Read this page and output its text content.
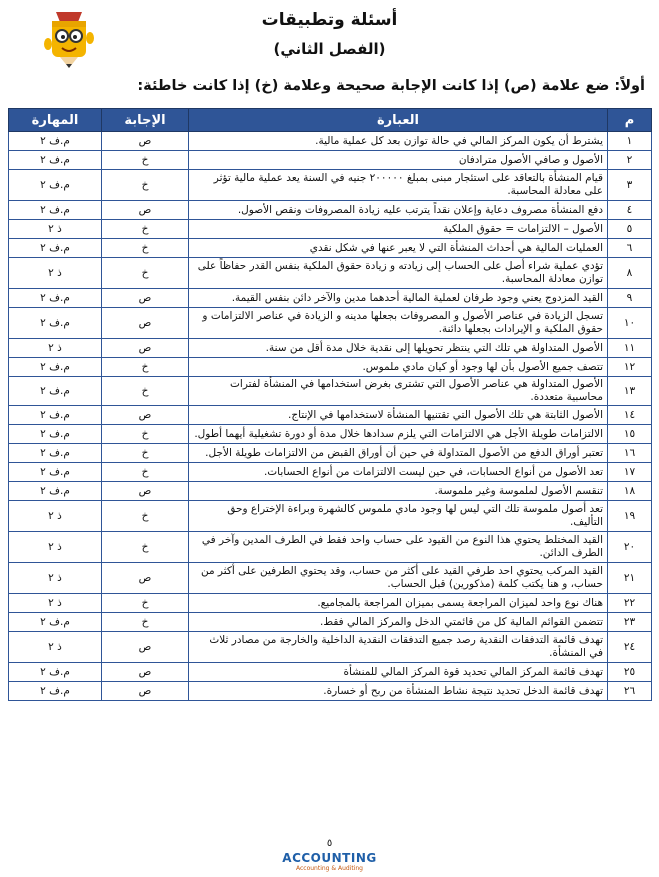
أسئلة وتطبيقات

(الفصل الثاني)
أولاً: ضع علامة (ص) إذا كانت الإجابة صحيحة وعلامة (خ) إذا كانت خاطئة:
م	العبارة	الإجابة	المهارة
١	يشترط أن يكون المركز المالي في حالة توازن بعد كل عملية مالية.	ص	م.ف ٢
٢	الأصول و صافي الأصول مترادفان	خ	م.ف ٢
٣	قيام المنشأة بالتعاقد على استئجار مبنى بمبلغ ٢٠٠٠٠٠ جنيه في السنة يعد عملية مالية تؤثر على معادلة المحاسبة.	خ	م.ف ٢
٤	دفع المنشأة مصروف دعاية وإعلان نقداً يترتب عليه زيادة المصروفات ونقص الأصول.	ص	م.ف ٢
٥	الأصول – الالتزامات = حقوق الملكية	خ	ذ ٢
٦	العمليات المالية هي أحداث المنشأة التي لا يعبر عنها في شكل نقدي	خ	م.ف ٢
٨	تؤدي عملية شراء أصل على الحساب إلى زيادته و زيادة حقوق الملكية بنفس القدر حفاظاً على توازن معادلة المحاسبة.	خ	ذ ٢
٩	القيد المزدوج يعني وجود طرفان لعملية المالية أحدهما مدين والآخر دائن بنفس القيمة.	ص	م.ف ٢
١٠	تسجل الزيادة في عناصر الأصول و المصروفات بجعلها مدينه و الزيادة في عناصر الالتزامات و حقوق الملكية و الإيرادات بجعلها دائنة.	ص	م.ف ٢
١١	الأصول المتداولة هي تلك التي ينتظر تحويلها إلى نقدية خلال مدة أقل من سنة.	ص	ذ ٢
١٢	تتصف جميع الأصول بأن لها وجود أو كيان مادي ملموس.	خ	م.ف ٢
١٣	الأصول المتداولة هي عناصر الأصول التي تشترى بغرض استخدامها في المنشأة لفترات محاسبية متعددة.	خ	م.ف ٢
١٤	الأصول الثابتة هي تلك الأصول التي تقتنيها المنشأة لاستخدامها في الإنتاج.	ص	م.ف ٢
١٥	الالتزامات طويلة الأجل هي الالتزامات التي يلزم سدادها خلال مدة أو دورة تشغيلية أيهما أطول.	خ	م.ف ٢
١٦	تعتبر أوراق الدفع من الأصول المتداولة في حين أن أوراق القبض من الالتزامات طويلة الأجل.	خ	م.ف ٢
١٧	تعد الأصول من أنواع الحسابات، في حين ليست الالتزامات من أنواع الحسابات.	خ	م.ف ٢
١٨	تنقسم الأصول لملموسة وغير ملموسة.	ص	م.ف ٢
١٩	تعد أصول ملموسة تلك التي ليس لها وجود مادي ملموس كالشهرة وبراءة الإختراع وحق التأليف.	خ	ذ ٢
٢٠	القيد المختلط يحتوي هذا النوع من القيود على حساب واحد فقط في الطرف المدين وآخر في الطرف الدائن.	خ	ذ ٢
٢١	القيد المركب يحتوي احد طرفي القيد على أكثر من حساب، وقد يحتوي الطرفين على أكثر من حساب، و هنا يكتب كلمة (مذكورين) قبل الحساب.	ص	ذ ٢
٢٢	هناك نوع واحد لميزان المراجعة يسمى بميزان المراجعة بالمجاميع.	خ	ذ ٢
٢٣	تتضمن القوائم المالية كل من قائمتي الدخل والمركز المالي فقط.	خ	م.ف ٢
٢٤	تهدف قائمة التدفقات النقدية رصد جميع التدفقات النقدية الداخلية والخارجة من مصادر ثلاث في المنشأة.	ص	ذ ٢
٢٥	تهدف قائمة المركز المالي تحديد قوة المركز المالي للمنشأة	ص	م.ف ٢
٢٦	تهدف قائمة الدخل تحديد نتيجة نشاط المنشأة من ربح أو خسارة.	ص	م.ف ٢
٥
ACCOUNTING
Accounting & Auditing
